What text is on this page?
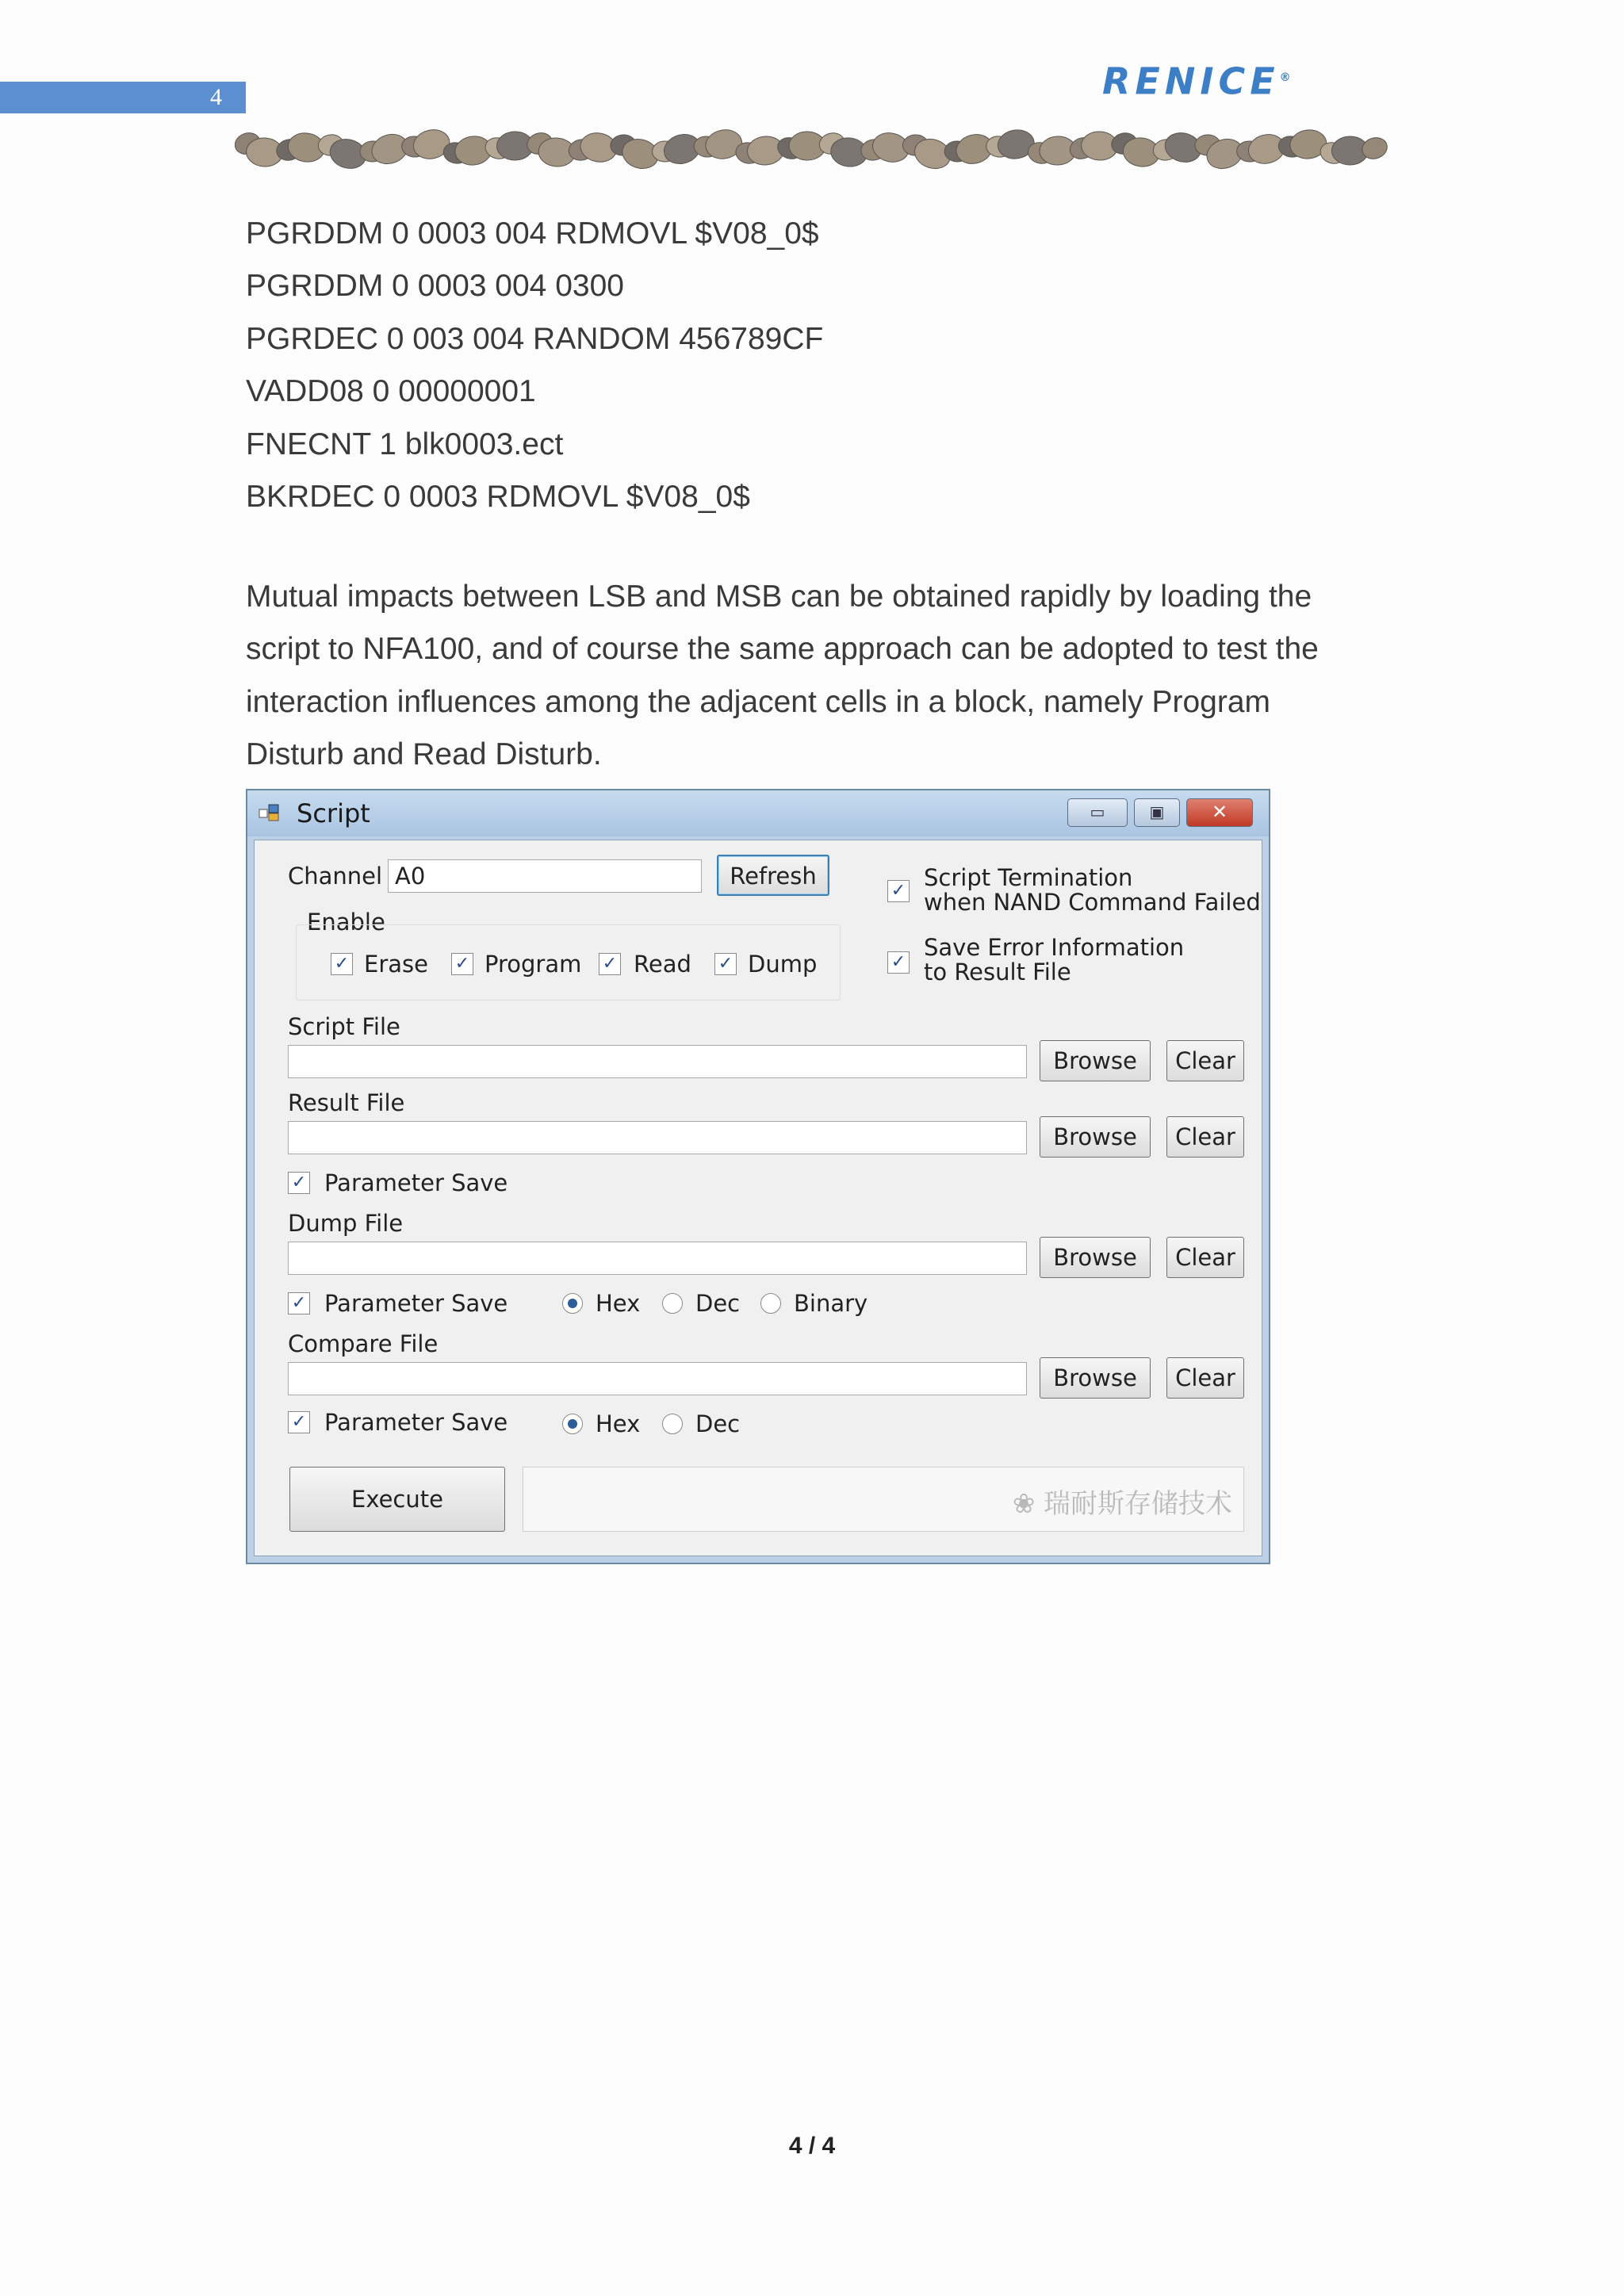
4	RENICE®
PGRDDM 0 0003 004 RDMOVL $V08_0$
PGRDDM 0 0003 004 0300
PGRDEC 0 003 004 RANDOM 456789CF
VADD08 0 00000001
FNECNT 1 blk0003.ect
BKRDEC 0 0003 RDMOVL $V08_0$
Mutual impacts between LSB and MSB can be obtained rapidly by loading the
script to NFA100, and of course the same approach can be adopted to test the
interaction influences among the adjacent cells in a block, namely Program
Disturb and Read Disturb.
Script	▭	▣	✕
Channel A0	Refresh
Enable
✓ Erase ✓ Program ✓ Read ✓ Dump
✓ Script Termination
when NAND Command Failed
✓
Save Error Information
to Result File
Script File
Browse	Clear
Result File
Browse	Clear
✓ Parameter Save
Dump File
Browse	Clear
✓ Parameter Save	Hex Dec Binary
Compare File
Browse	Clear
✓ Parameter Save	Hex Dec
Execute	❀ 瑞耐斯存储技术
4 / 4
